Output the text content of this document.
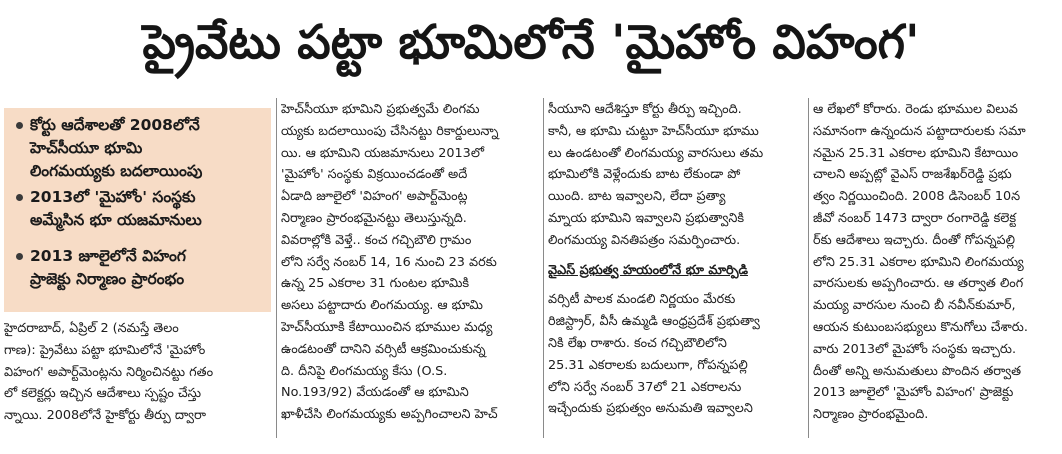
ప్రైవేటు పట్టా భూమిలోనే 'మైహోం విహంగ'
కోర్టు ఆదేశాలతో 2008లోనే
హెచ్‌సీయూ భూమి
లింగమయ్యకు బదలాయింపు
2013లో 'మైహోం' సంస్థకు
అమ్మేసిన భూ యజమానులు
2013 జూలైలోనే విహంగ
ప్రాజెక్టు నిర్మాణం ప్రారంభం

హైదరాబాద్, ఏప్రిల్ 2 (నమస్తే తెలం

గాణ): ప్రైవేటు పట్టా భూమిలోనే 'మైహోం

విహంగ' అపార్ట్‌మెంట్లను నిర్మించినట్టు గతం

లో కలెక్టర్లు ఇచ్చిన ఆదేశాలు స్పష్టం చేస్తు

న్నాయి. 2008లోనే హైకోర్టు తీర్పు ద్వారా

హెచ్‌సీయూ భూమిని ప్రభుత్వమే లింగమ

య్యకు బదలాయింపు చేసినట్టు రికార్డులున్నా

యి. ఆ భూమిని యజమానులు 2013లో

'మైహోం' సంస్థకు విక్రయించడంతో అదే

ఏడాది జూలైలో 'విహంగ' అపార్ట్‌మెంట్ల

నిర్మాణం ప్రారంభమైనట్టు తెలుస్తున్నది.

వివరాల్లోకి వెళ్తే.. కంచ గచ్చిబౌలి గ్రామం

లోని సర్వే నంబర్ 14, 16 నుంచి 23 వరకు

ఉన్న 25 ఎకరాల 31 గుంటల భూమికి

అసలు పట్టాదారు లింగమయ్య. ఆ భూమి

హెచ్‌సీయూకి కేటాయించిన భూముల మధ్య

ఉండటంతో దానిని వర్సిటీ ఆక్రమించుకున్న

ది. దీనిపై లింగమయ్య కేసు (O.S.

No.193/92) వేయడంతో ఆ భూమిని

ఖాళీచేసి లింగమయ్యకు అప్పగించాలని హెచ్

సీయూని ఆదేశిస్తూ కోర్టు తీర్పు ఇచ్చింది.

కానీ, ఆ భూమి చుట్టూ హెచ్‌సీయూ భూము

లు ఉండటంతో లింగమయ్య వారసులు తమ

భూమిలోకి వెళ్లేందుకు బాట లేకుండా పో

యింది. బాట ఇవ్వాలని, లేదా ప్రత్యా

మ్నాయ భూమిని ఇవ్వాలని ప్రభుత్వానికి

లింగమయ్య వినతిపత్రం సమర్పించారు.

వైఎస్ ప్రభుత్వ హయంలోనే భూ మార్పిడి

వర్సిటీ పాలక మండలి నిర్ణయం మేరకు

రిజిస్ట్రార్, వీసీ ఉమ్మడి ఆంధ్రప్రదేశ్ ప్రభుత్వా

నికి లేఖ రాశారు. కంచ గచ్చిబౌలిలోని

25.31 ఎకరాలకు బదులుగా, గోపన్నపల్లి

లోని సర్వే నంబర్ 37లో 21 ఎకరాలను

ఇచ్చేందుకు ప్రభుత్వం అనుమతి ఇవ్వాలని

ఆ లేఖలో కోరారు. రెండు భూముల విలువ

సమానంగా ఉన్నందున పట్టాదారులకు సమా

నమైన 25.31 ఎకరాల భూమిని కేటాయిం

చాలని అప్పట్లో వైఎస్ రాజశేఖర్‌రెడ్డి ప్రభు

త్వం నిర్ణయించింది. 2008 డిసెంబర్ 10న

జీవో నంబర్ 1473 ద్వారా రంగారెడ్డి కలెక్ట

ర్‌కు ఆదేశాలు ఇచ్చారు. దీంతో గోపన్నపల్లి

లోని 25.31 ఎకరాల భూమిని లింగమయ్య

వారసులకు అప్పగించారు. ఆ తర్వాత లింగ

మయ్య వారసుల నుంచి బీ నవీన్‌కుమార్,

ఆయన కుటుంబసభ్యులు కొనుగోలు చేశారు.

వారు 2013లో మైహోం సంస్థకు ఇచ్చారు.

దీంతో అన్ని అనుమతులు పొందిన తర్వాత

2013 జూలైలో 'మైహోం విహంగ' ప్రాజెక్టు

నిర్మాణం ప్రారంభమైంది.
